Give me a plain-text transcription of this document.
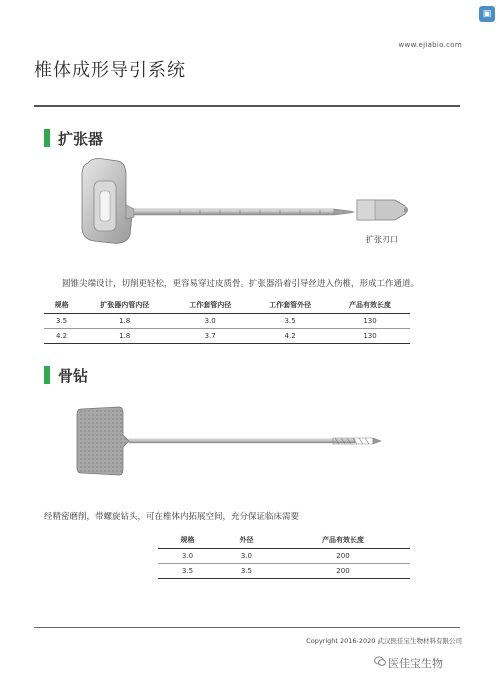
▣
www.ejiabio.com
椎体成形导引系统
扩张器
扩张刃口
圆锥尖端设计，切削更轻松，更容易穿过皮质骨。扩张器沿着引导丝进入伤椎，形成工作通道。
规格	扩张器内管内径	工作套管内径	工作套管外径	产品有效长度
3.5	1.8	3.0	3.5	130
4.2	1.8	3.7	4.2	130
骨钻
经精密磨削，带螺旋钻头，可在椎体内拓展空间，充分保证临床需要
规格	外径	产品有效长度
3.0	3.0	200
3.5	3.5	200
Copyright 2016-2020 武汉医佳宝生物材料有限公司
医佳宝生物
